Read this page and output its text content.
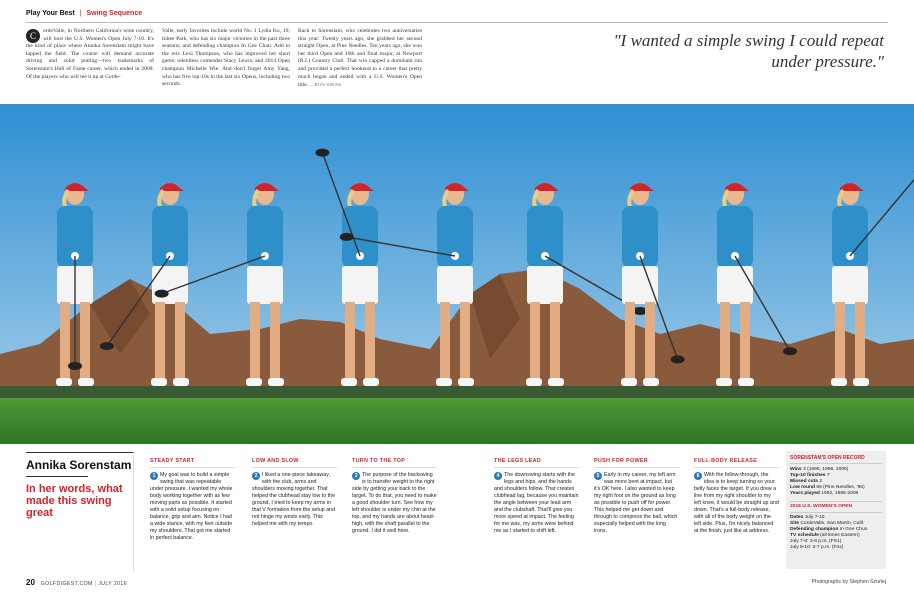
Play Your Best | Swing Sequence
C	ordeValle, in Northern California's wine country, will host the U.S. Women's Open July 7-10. It's the kind of place where Annika Sorenstam might have lapped the field. The course will demand accurate driving and solid putting—two trademarks of Sorenstam's Hall of Fame career, which ended in 2008. Of the players who will tee it up at Corde-
Valle, early favorites include world No. 1 Lydia Ko, 19; Inbee Park, who has six major victories in the past three seasons; and defending champion In Gee Chun. Add to the mix Lexi Thompson, who has improved her short game; relentless contender Stacy Lewis; and 2014 Open champion Michelle Wie. And don't forget Amy Yang, who has five top-10s in the last six Opens, including two seconds.
Back to Sorenstam, who celebrates two anniversaries this year: Twenty years ago, she grabbed her second straight Open, at Pine Needles. Ten years ago, she won her third Open and 10th and final major, at Newport (R.I.) Country Club. That win capped a dominant run and provided a perfect bookend to a career that pretty much began and ended with a U.S. Women's Open title. —RON SIRAK
"I wanted a simple swing I could repeat under pressure."
Annika Sorenstam
In her words, what made this swing great
STEADY START
1 My goal was to build a simple swing that was repeatable under pressure. I wanted my whole body working together with as few moving parts as possible. It started with a solid setup focusing on balance, grip and aim. Notice I had a wide stance, with my feet outside my shoulders. That got me started in perfect balance.
LOW AND SLOW
2 I liked a one-piece takeaway, with the club, arms and shoulders moving together. That helped the clubhead stay low to the ground. I tried to keep my arms in that V formation from the setup and not hinge my wrists early. This helped me with my tempo.
TURN TO THE TOP
3 The purpose of the backswing is to transfer weight to the right side by getting your back to the target. To do that, you need to make a good shoulder turn. See how my left shoulder is under my chin at the top, and my hands are about head-high, with the shaft parallel to the ground. I did it well here.
THE LEGS LEAD
4 The downswing starts with the legs and hips, and the hands and shoulders follow. That creates clubhead lag, because you maintain the angle between your lead arm and the clubshaft. That'll give you more speed at impact. The feeling for me was, my arms were behind me as I started to shift left.
PUSH FOR POWER
5 Early in my career, my left arm was more bent at impact, but it's OK here. I also wanted to keep my right foot on the ground as long as possible to push off for power. This helped me get down and through to compress the ball, which especially helped with the long irons.
FULL-BODY RELEASE
6 With the follow-through, the idea is to keep turning so your belly faces the target. If you drew a line from my right shoulder to my left knee, it would be straight up and down. That's a full-body release, with all of the body weight on the left side. Plus, I'm nicely balanced at the finish, just like at address.
SORENSTAM'S OPEN RECORD
Wins 3 (1995, 1996, 2006)
Top-10 finishes 7
Missed cuts 2
Low round 66 (Pine Needles, '96)
Years played 1992, 1995-2008
2016 U.S. WOMEN'S OPEN
Dates July 7-10
Site CordeValle, San Martin, Calif.
Defending champion In Gee Chun
TV schedule (all times Eastern)
July 7-8: 3-8 p.m. (FS1)
July 9-10: 3-7 p.m. (Fox)
20 GOLFDIGEST.COM | JULY 2016	Photographs by Stephen Szurlej
